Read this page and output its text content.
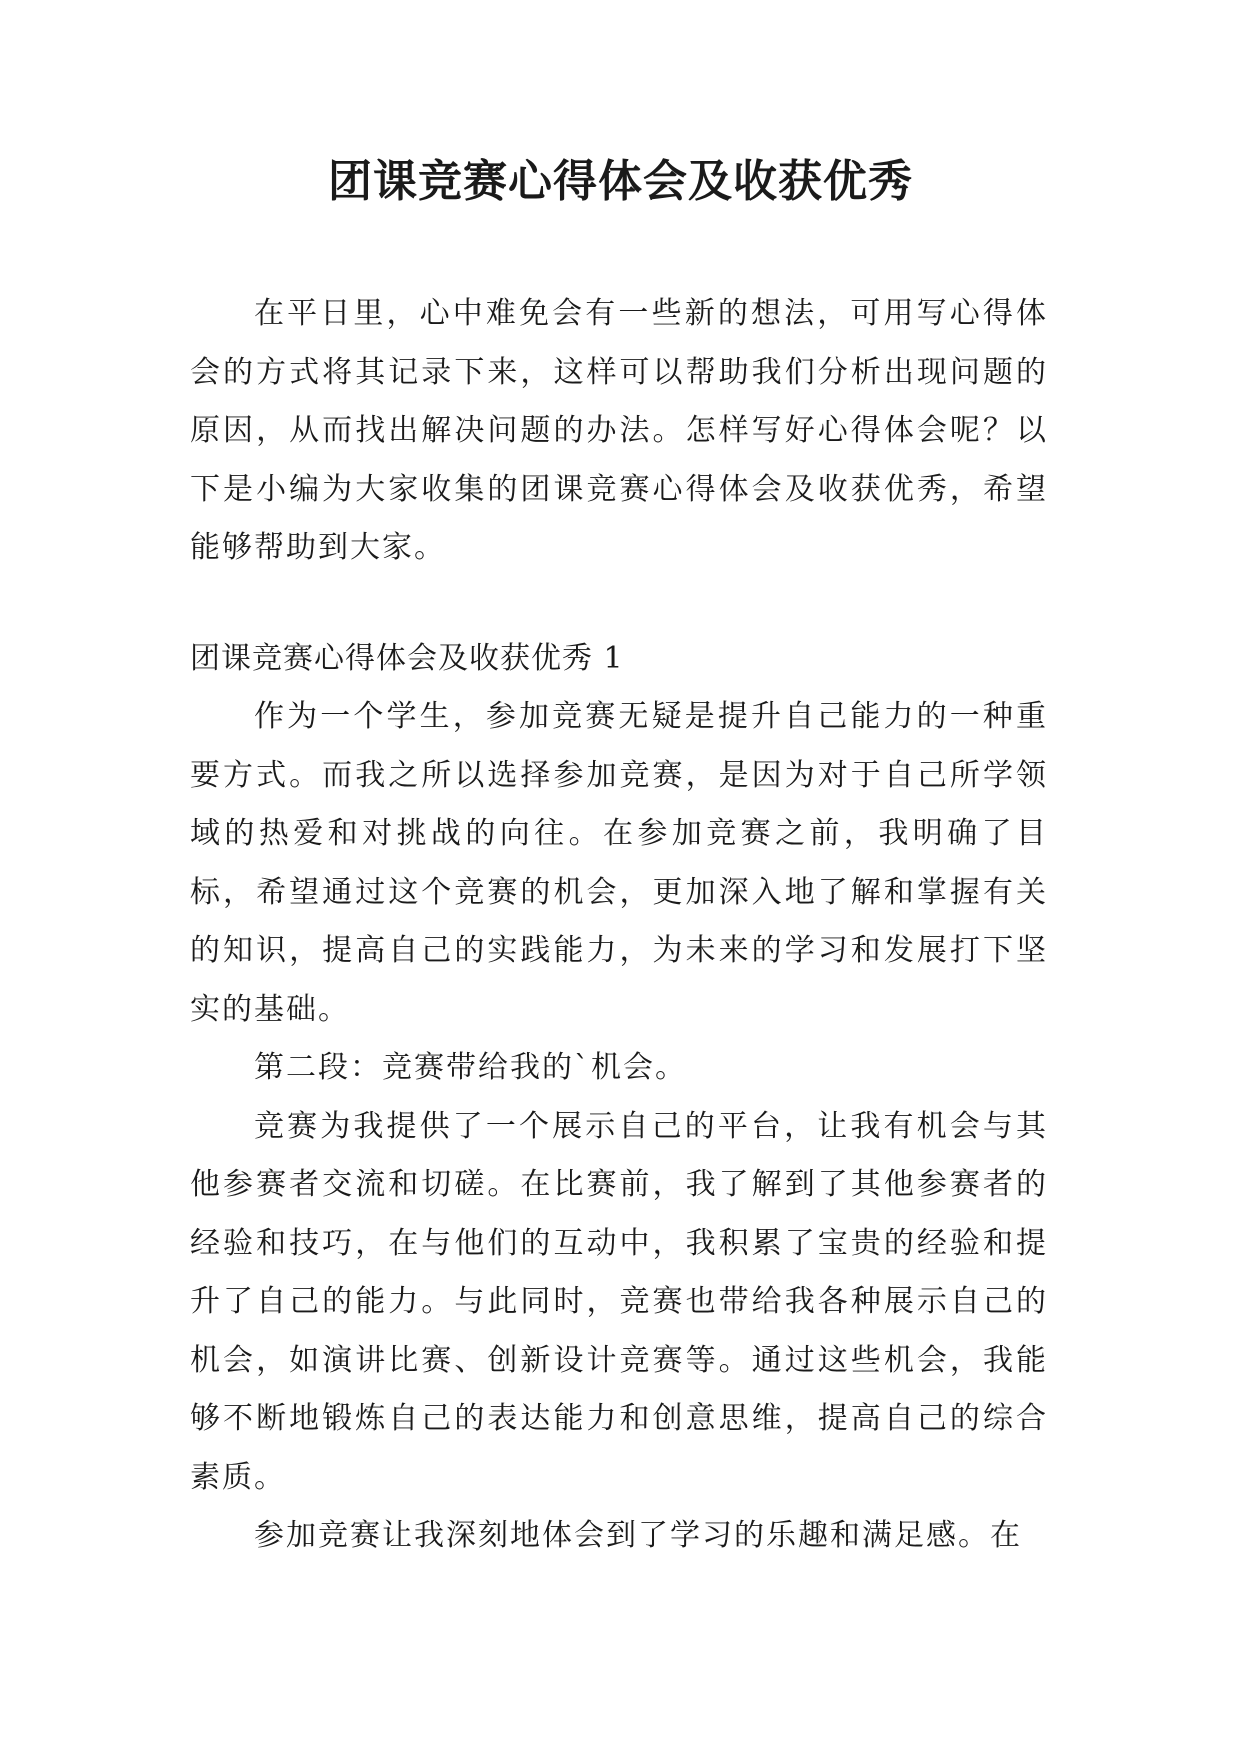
团课竞赛心得体会及收获优秀

在平日里，心中难免会有一些新的想法，可用写心得体会的方式将其记录下来，这样可以帮助我们分析出现问题的原因，从而找出解决问题的办法。怎样写好心得体会呢？以下是小编为大家收集的团课竞赛心得体会及收获优秀，希望能够帮助到大家。

团课竞赛心得体会及收获优秀 1

作为一个学生，参加竞赛无疑是提升自己能力的一种重要方式。而我之所以选择参加竞赛，是因为对于自己所学领域的热爱和对挑战的向往。在参加竞赛之前，我明确了目标，希望通过这个竞赛的机会，更加深入地了解和掌握有关的知识，提高自己的实践能力，为未来的学习和发展打下坚实的基础。

第二段：竞赛带给我的`机会。

竞赛为我提供了一个展示自己的平台，让我有机会与其他参赛者交流和切磋。在比赛前，我了解到了其他参赛者的经验和技巧，在与他们的互动中，我积累了宝贵的经验和提升了自己的能力。与此同时，竞赛也带给我各种展示自己的机会，如演讲比赛、创新设计竞赛等。通过这些机会，我能够不断地锻炼自己的表达能力和创意思维，提高自己的综合素质。

参加竞赛让我深刻地体会到了学习的乐趣和满足感。在
